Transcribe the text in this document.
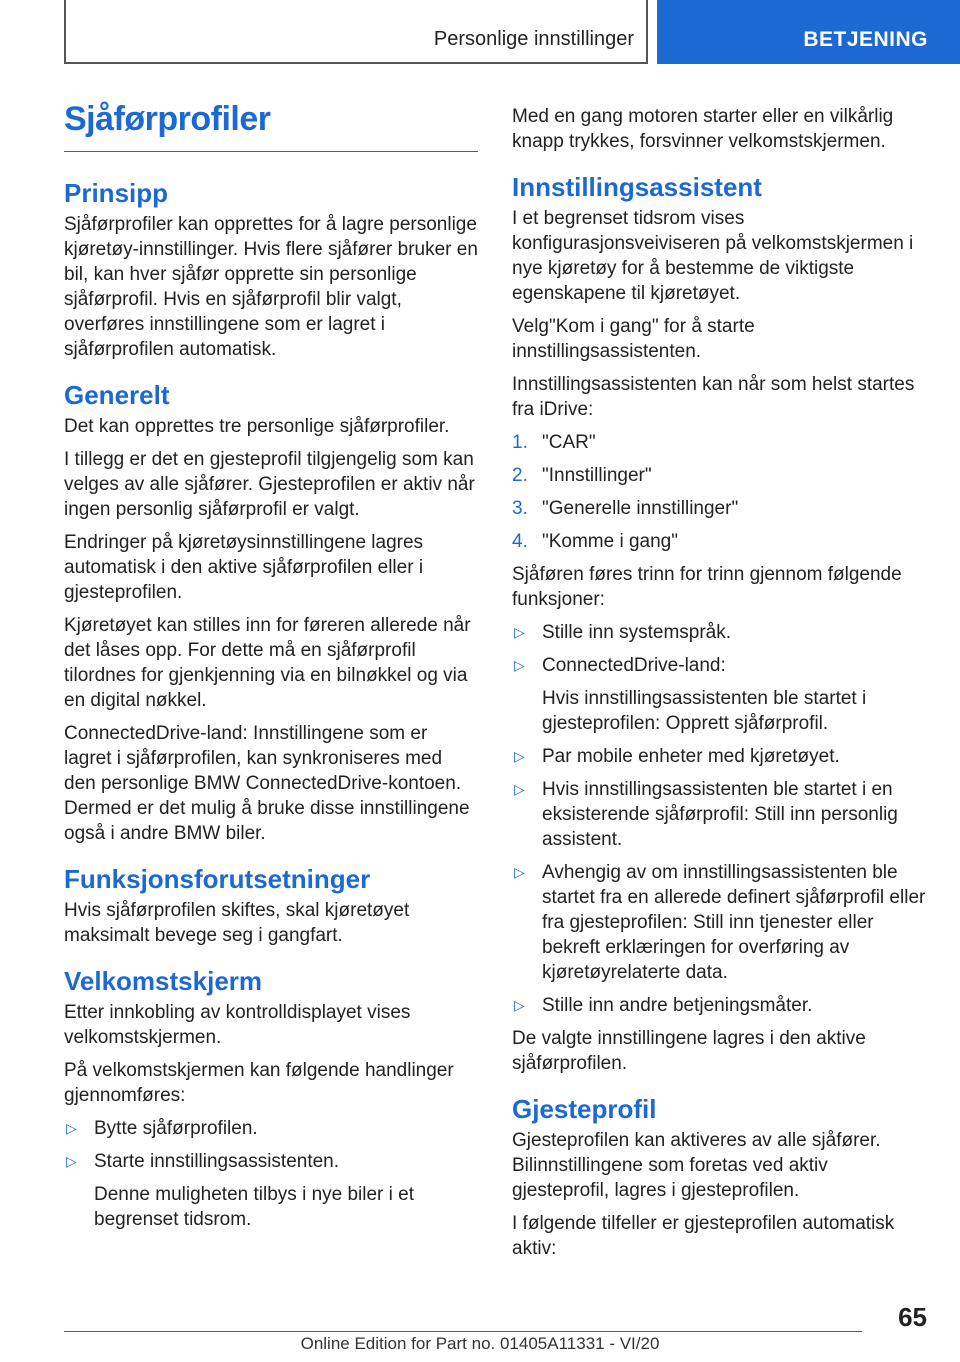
Personlige innstillinger	BETJENING
Sjåførprofiler
Prinsipp

Sjåførprofiler kan opprettes for å lagre personlige kjøretøy-innstillinger. Hvis flere sjåfører bruker en bil, kan hver sjåfør opprette sin personlige sjåførprofil. Hvis en sjåførprofil blir valgt, overføres innstillingene som er lagret i sjåførprofilen automatisk.

Generelt

Det kan opprettes tre personlige sjåførprofiler.

I tillegg er det en gjesteprofil tilgjengelig som kan velges av alle sjåfører. Gjesteprofilen er aktiv når ingen personlig sjåførprofil er valgt.

Endringer på kjøretøysinnstillingene lagres automatisk i den aktive sjåførprofilen eller i gjesteprofilen.

Kjøretøyet kan stilles inn for føreren allerede når det låses opp. For dette må en sjåførprofil tilordnes for gjenkjenning via en bilnøkkel og via en digital nøkkel.

ConnectedDrive-land: Innstillingene som er lagret i sjåførprofilen, kan synkroniseres med den personlige BMW ConnectedDrive-kontoen. Dermed er det mulig å bruke disse innstillingene også i andre BMW biler.

Funksjonsforutsetninger

Hvis sjåførprofilen skiftes, skal kjøretøyet maksimalt bevege seg i gangfart.

Velkomstskjerm

Etter innkobling av kontrolldisplayet vises velkomstskjermen.

På velkomstskjermen kan følgende handlinger gjennomføres:

▷ Bytte sjåførprofilen.
▷ Starte innstillingsassistenten.
Denne muligheten tilbys i nye biler i et begrenset tidsrom.

Med en gang motoren starter eller en vilkårlig knapp trykkes, forsvinner velkomstskjermen.

Innstillingsassistent

I et begrenset tidsrom vises konfigurasjonsveiviseren på velkomstskjermen i nye kjøretøy for å bestemme de viktigste egenskapene til kjøretøyet.

Velg"Kom i gang" for å starte innstillingsassistenten.

Innstillingsassistenten kan når som helst startes fra iDrive:

1. "CAR"
2. "Innstillinger"
3. "Generelle innstillinger"
4. "Komme i gang"

Sjåføren føres trinn for trinn gjennom følgende funksjoner:

▷ Stille inn systemspråk.
▷ ConnectedDrive-land:
Hvis innstillingsassistenten ble startet i gjesteprofilen: Opprett sjåførprofil.
▷ Par mobile enheter med kjøretøyet.
▷ Hvis innstillingsassistenten ble startet i en eksisterende sjåførprofil: Still inn personlig assistent.
▷ Avhengig av om innstillingsassistenten ble startet fra en allerede definert sjåførprofil eller fra gjesteprofilen: Still inn tjenester eller bekreft erklæringen for overføring av kjøretøyrelaterte data.
▷ Stille inn andre betjeningsmåter.

De valgte innstillingene lagres i den aktive sjåførprofilen.

Gjesteprofil

Gjesteprofilen kan aktiveres av alle sjåfører. Bilinnstillingene som foretas ved aktiv gjesteprofil, lagres i gjesteprofilen.

I følgende tilfeller er gjesteprofilen automatisk aktiv:

65
Online Edition for Part no. 01405A11331 - VI/20
